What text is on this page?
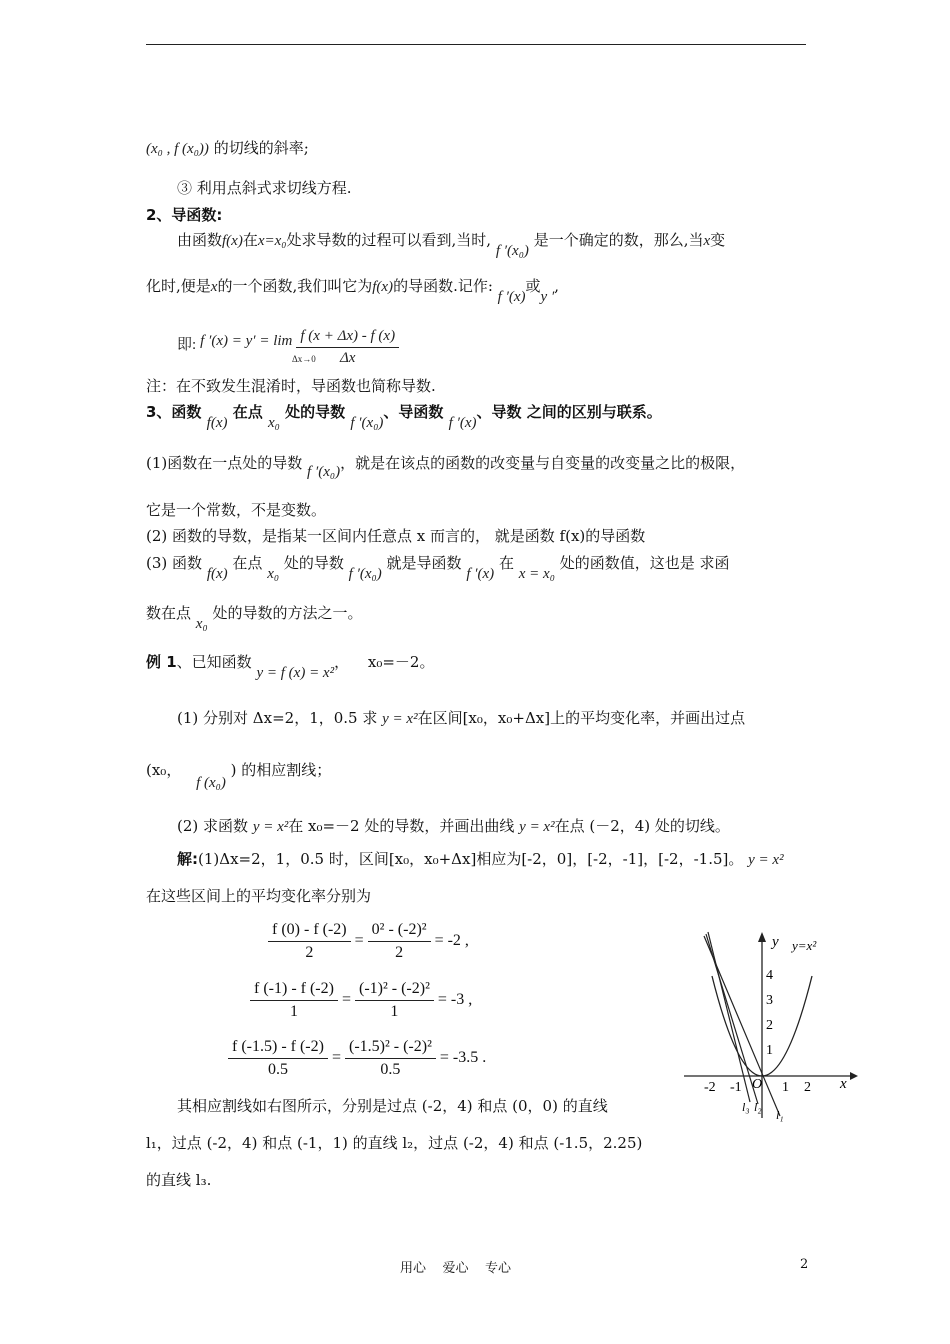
(x₀ , f (x₀)) 的切线的斜率;
③ 利用点斜式求切线方程.
2、导函数:
由函数f(x)在x=x₀处求导数的过程可以看到,当时, f ′(x₀) 是一个确定的数，那么,当x变
化时,便是x的一个函数,我们叫它为f(x)的导函数.记作: f ′(x)或y ′,
即: f $'(x) = y' = \lim \frac{f (x + \Delta x) - f (x)}{\Delta x}$
Δx→0
注：在不致发生混淆时，导函数也简称导数.
3、函数 f(x) 在点 x₀ 处的导数 f ′(x₀)、导函数 f ′(x)、导数 之间的区别与联系。
(1)函数在一点处的导数 f ′(x₀)，就是在该点的函数的改变量与自变量的改变量之比的极限，
它是一个常数，不是变数。
(2) 函数的导数，是指某一区间内任意点 x 而言的， 就是函数 f(x)的导函数
(3) 函数 f(x) 在点 x₀ 处的导数 f ′(x₀) 就是导函数 f ′(x) 在 x = x₀ 处的函数值，这也是 求函
数在点 x₀ 处的导数的方法之一。
例 1、已知函数 y = f (x) = x²， x₀=－2。
(1) 分别对 Δx=2，1，0.5 求 y = x²在区间[x₀，x₀+Δx]上的平均变化率，并画出过点
(x₀， f (x₀) ) 的相应割线；
(2) 求函数 y = x²在 x₀=－2 处的导数，并画出曲线 y = x²在点 (－2，4) 处的切线。
解:(1)Δx=2，1，0.5 时，区间[x₀，x₀+Δx]相应为[-2，0]，[-2，-1]，[-2，-1.5]。 y = x²
在这些区间上的平均变化率分别为
$\frac{f (0) - f (-2)}{2} = \frac{\text{0² - (-2)²}}{2} = -2$ ,
$\frac{f (-1) - f (-2)}{1} = \frac{\text{(-1)² - (-2)²}}{1} = -3$ ,
$\frac{f (-1.5) - f (-2)}{0.5} = \frac{\text{(-1.5)² - (-2)²}}{0.5} = -3.5$ .
其相应割线如右图所示，分别是过点 (-2，4) 和点 (0，0) 的直线
l₁，过点 (-2，4) 和点 (-1，1) 的直线 l₂，过点 (-2，4) 和点 (-1.5，2.25)
的直线 l₃.
y
x
y=x²
4
3
2
1
-2 -1	1 2
O
l₃ l₂
l₁
用心    爱心    专心	2
